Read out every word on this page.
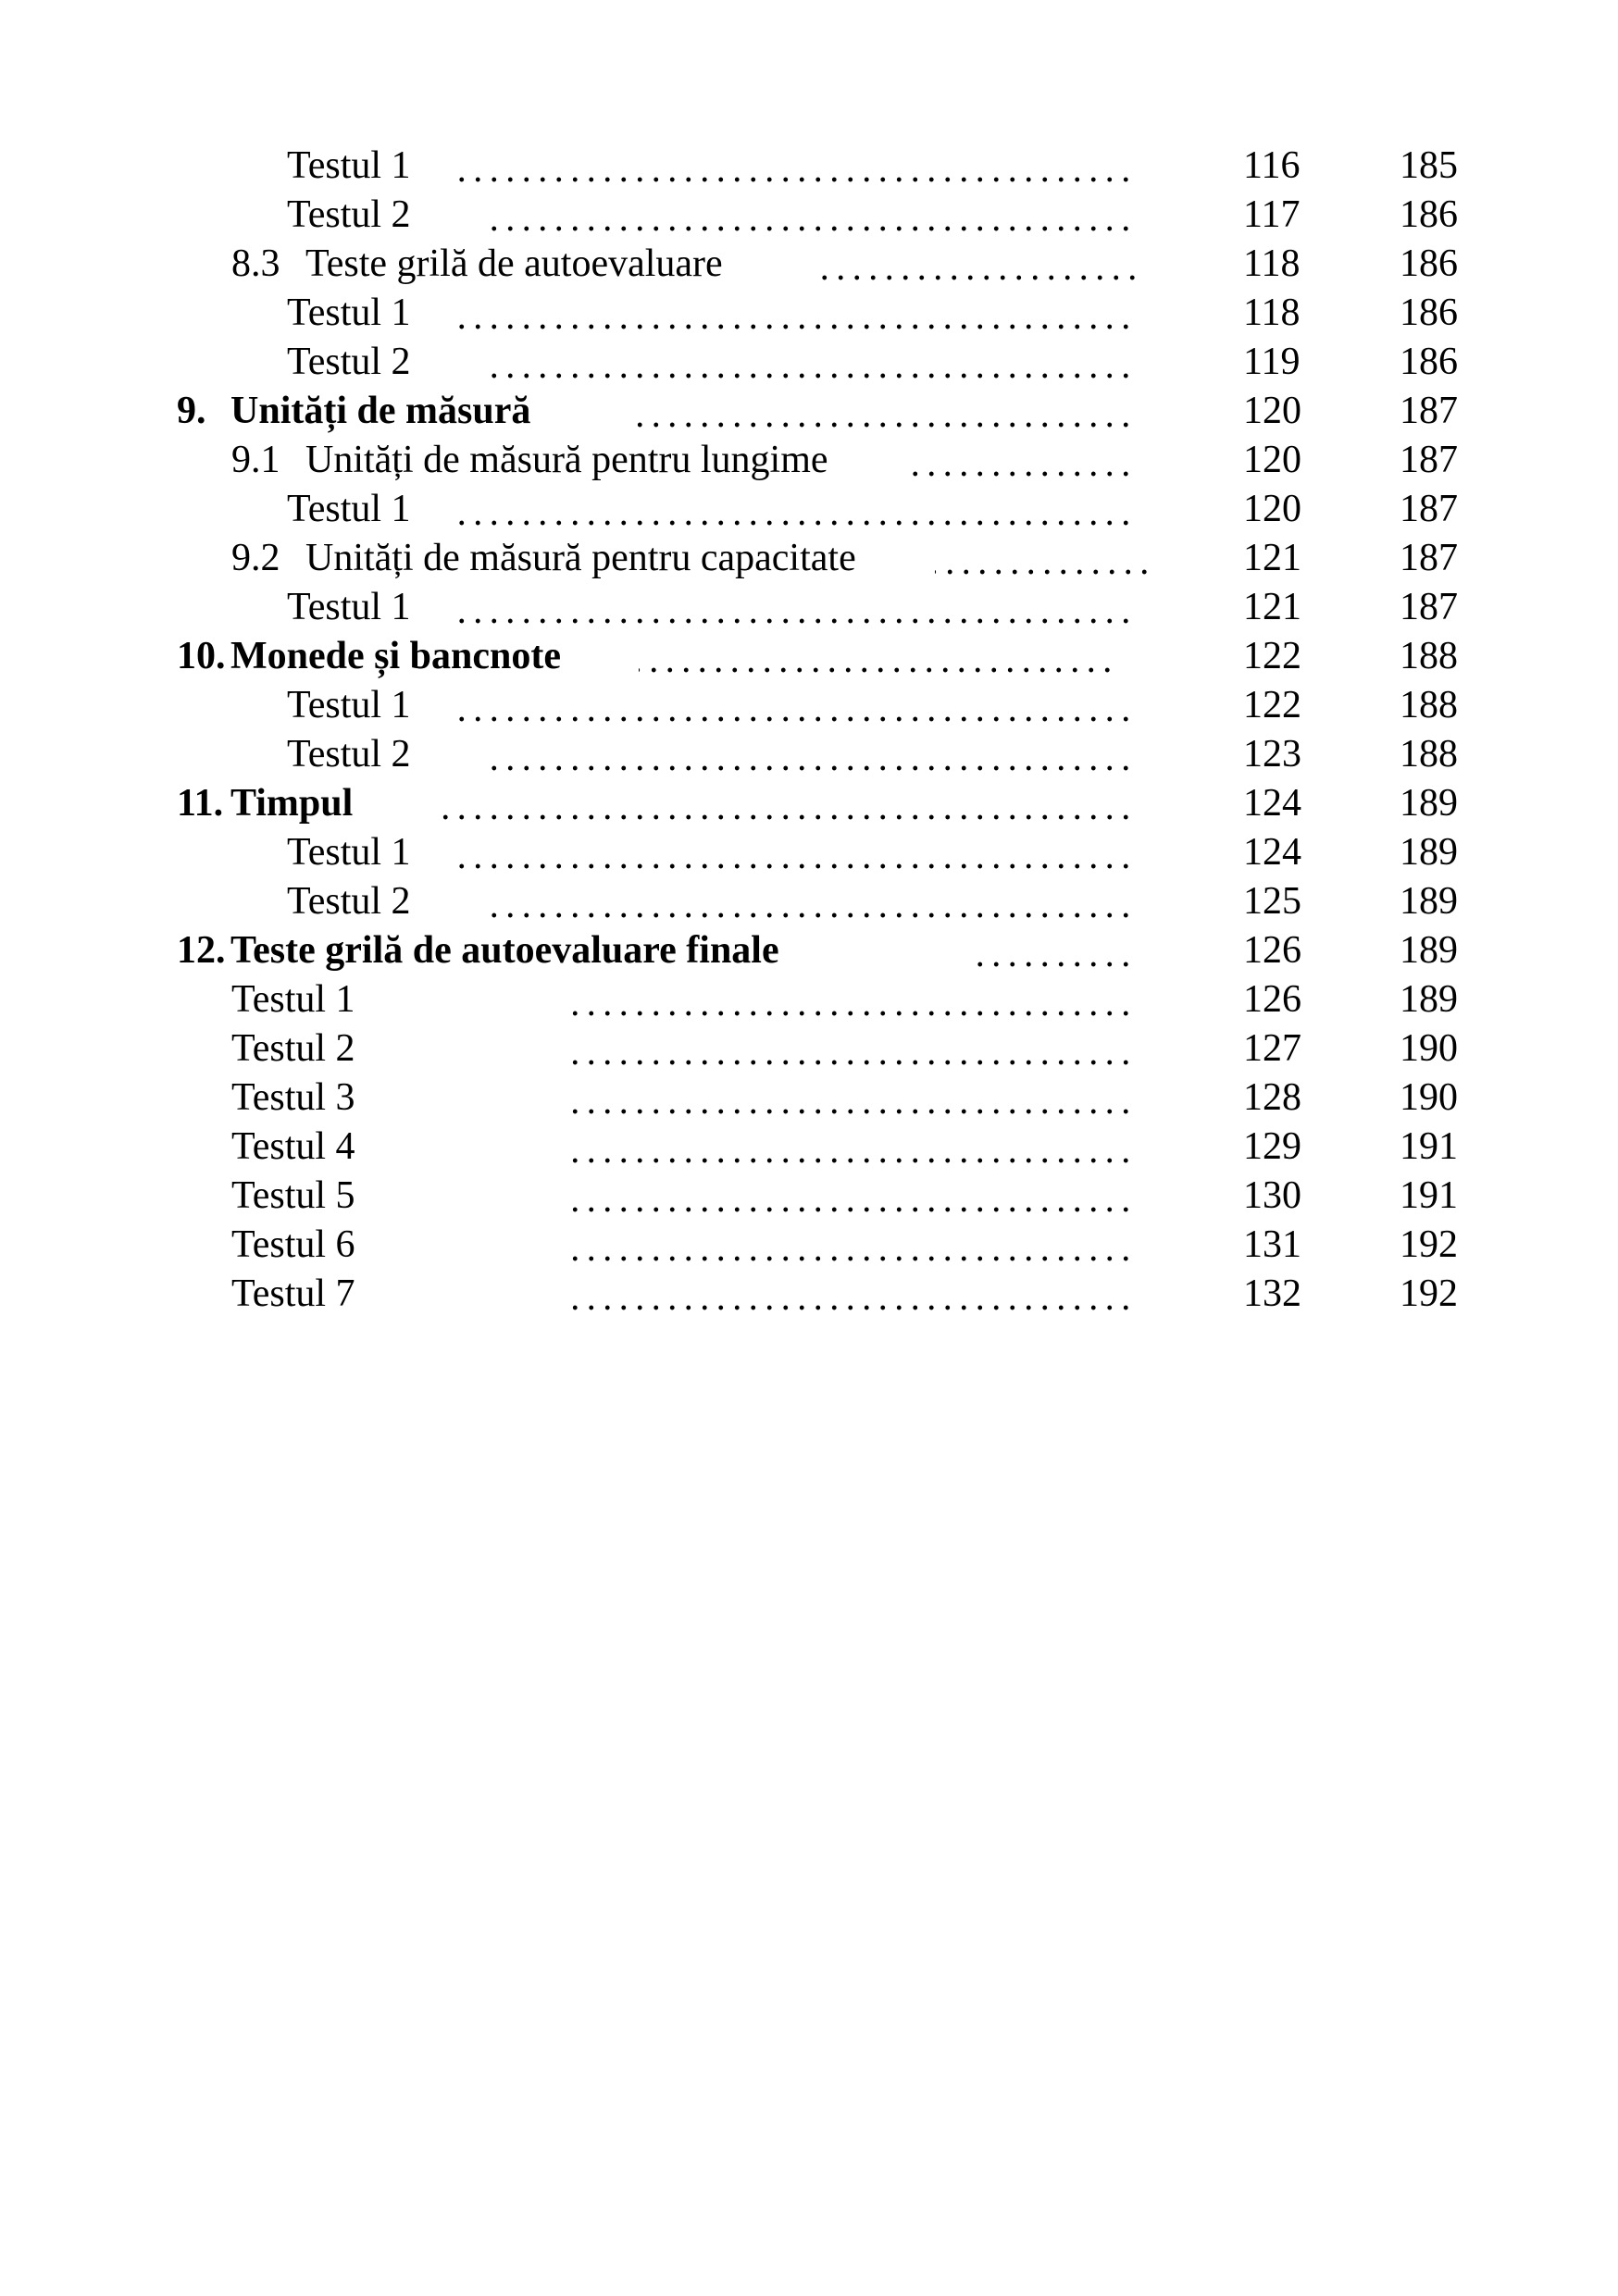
Testul 1	116	185
Testul 2	117	186
8.3 Teste grilă de autoevaluare	118	186
Testul 1	118	186
Testul 2	119	186
9. Unități de măsură	120	187
9.1 Unități de măsură pentru lungime	120	187
Testul 1	120	187
9.2 Unități de măsură pentru capacitate	121	187
Testul 1	121	187
10. Monede și bancnote	122	188
Testul 1	122	188
Testul 2	123	188
11. Timpul	124	189
Testul 1	124	189
Testul 2	125	189
12. Teste grilă de autoevaluare finale	126	189
Testul 1	126	189
Testul 2	127	190
Testul 3	128	190
Testul 4	129	191
Testul 5	130	191
Testul 6	131	192
Testul 7	132	192
